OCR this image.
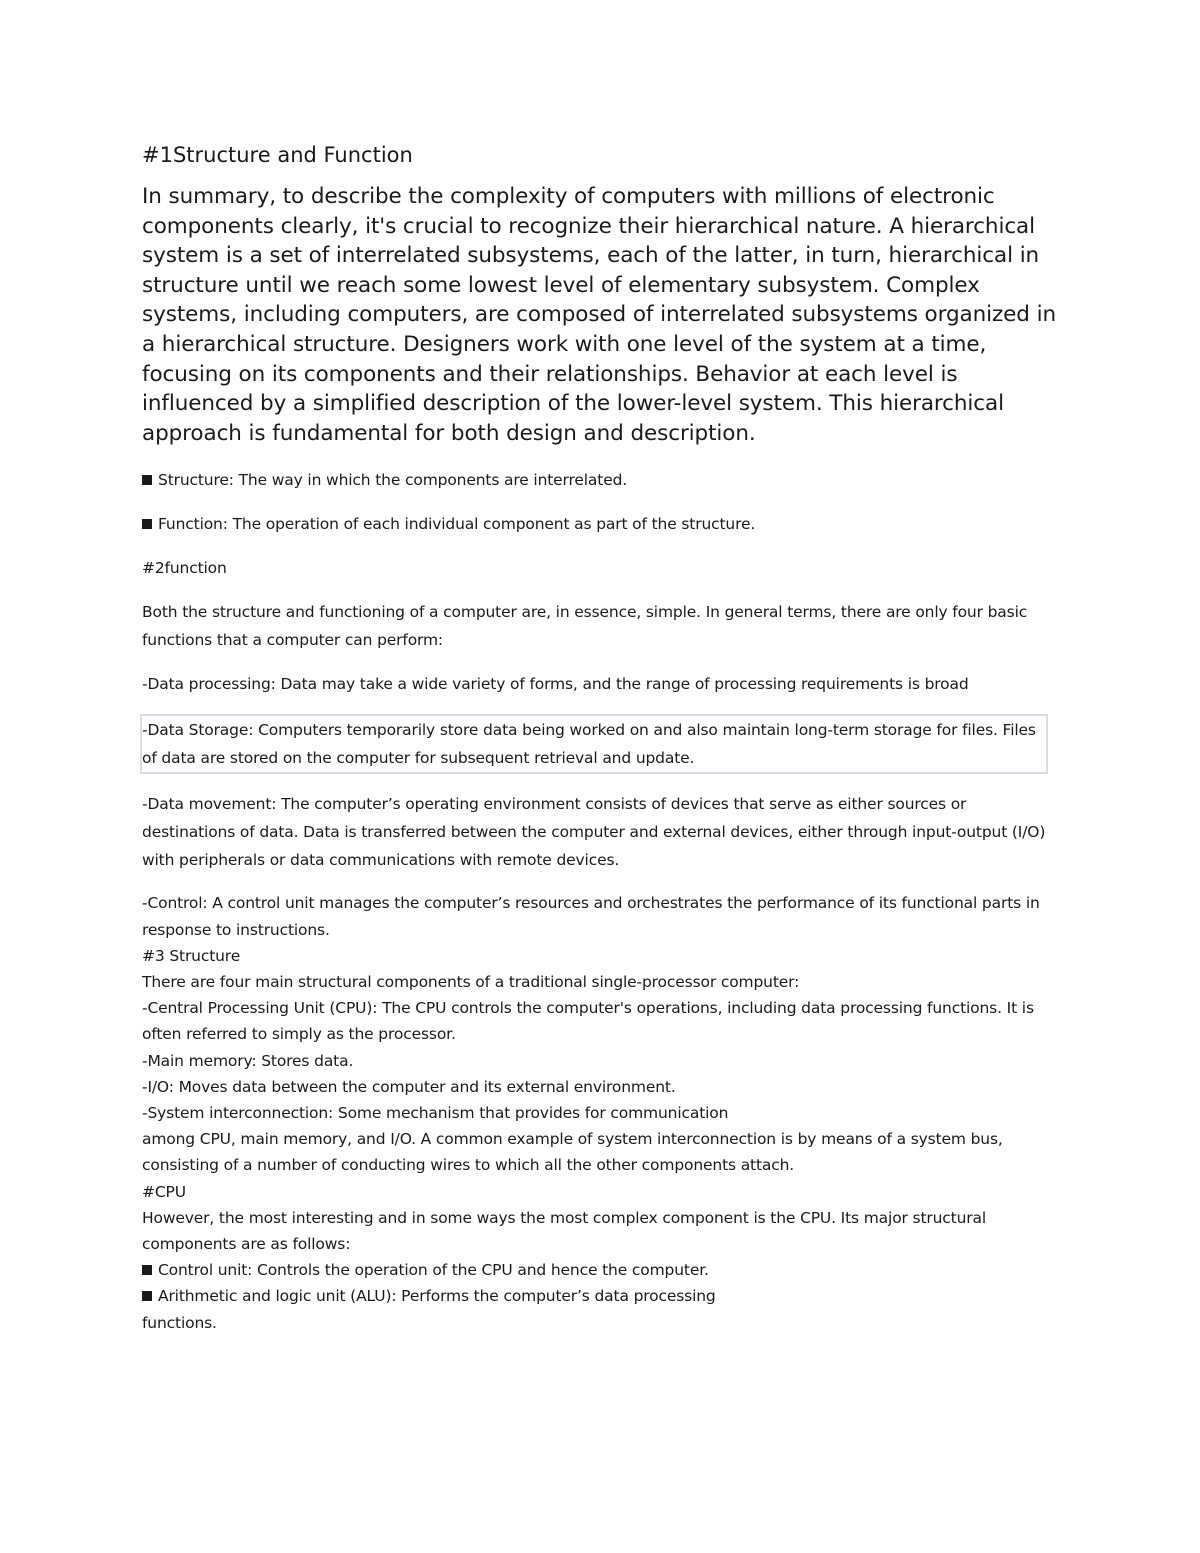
#1Structure and Function

In summary, to describe the complexity of computers with millions of electronic components clearly, it's crucial to recognize their hierarchical nature. A hierarchical system is a set of interrelated subsystems, each of the latter, in turn, hierarchical in structure until we reach some lowest level of elementary subsystem. Complex systems, including computers, are composed of interrelated subsystems organized in a hierarchical structure. Designers work with one level of the system at a time, focusing on its components and their relationships. Behavior at each level is influenced by a simplified description of the lower-level system. This hierarchical approach is fundamental for both design and description.

Structure: The way in which the components are interrelated.

Function: The operation of each individual component as part of the structure.

#2function

Both the structure and functioning of a computer are, in essence, simple. In general terms, there are only four basic functions that a computer can perform:

-Data processing: Data may take a wide variety of forms, and the range of processing requirements is broad

-Data Storage: Computers temporarily store data being worked on and also maintain long-term storage for files. Files of data are stored on the computer for subsequent retrieval and update.

-Data movement: The computer’s operating environment consists of devices that serve as either sources or destinations of data. Data is transferred between the computer and external devices, either through input-output (I/O) with peripherals or data communications with remote devices.

-Control: A control unit manages the computer’s resources and orchestrates the performance of its functional parts in response to instructions.

#3 Structure

There are four main structural components of a traditional single-processor computer:

-Central Processing Unit (CPU): The CPU controls the computer's operations, including data processing functions. It is often referred to simply as the processor.

-Main memory: Stores data.

-I/O: Moves data between the computer and its external environment.

-System interconnection: Some mechanism that provides for communication

among CPU, main memory, and I/O. A common example of system interconnection is by means of a system bus, consisting of a number of conducting wires to which all the other components attach.

#CPU

However, the most interesting and in some ways the most complex component is the CPU. Its major structural components are as follows:

Control unit: Controls the operation of the CPU and hence the computer.

Arithmetic and logic unit (ALU): Performs the computer’s data processing

functions.
